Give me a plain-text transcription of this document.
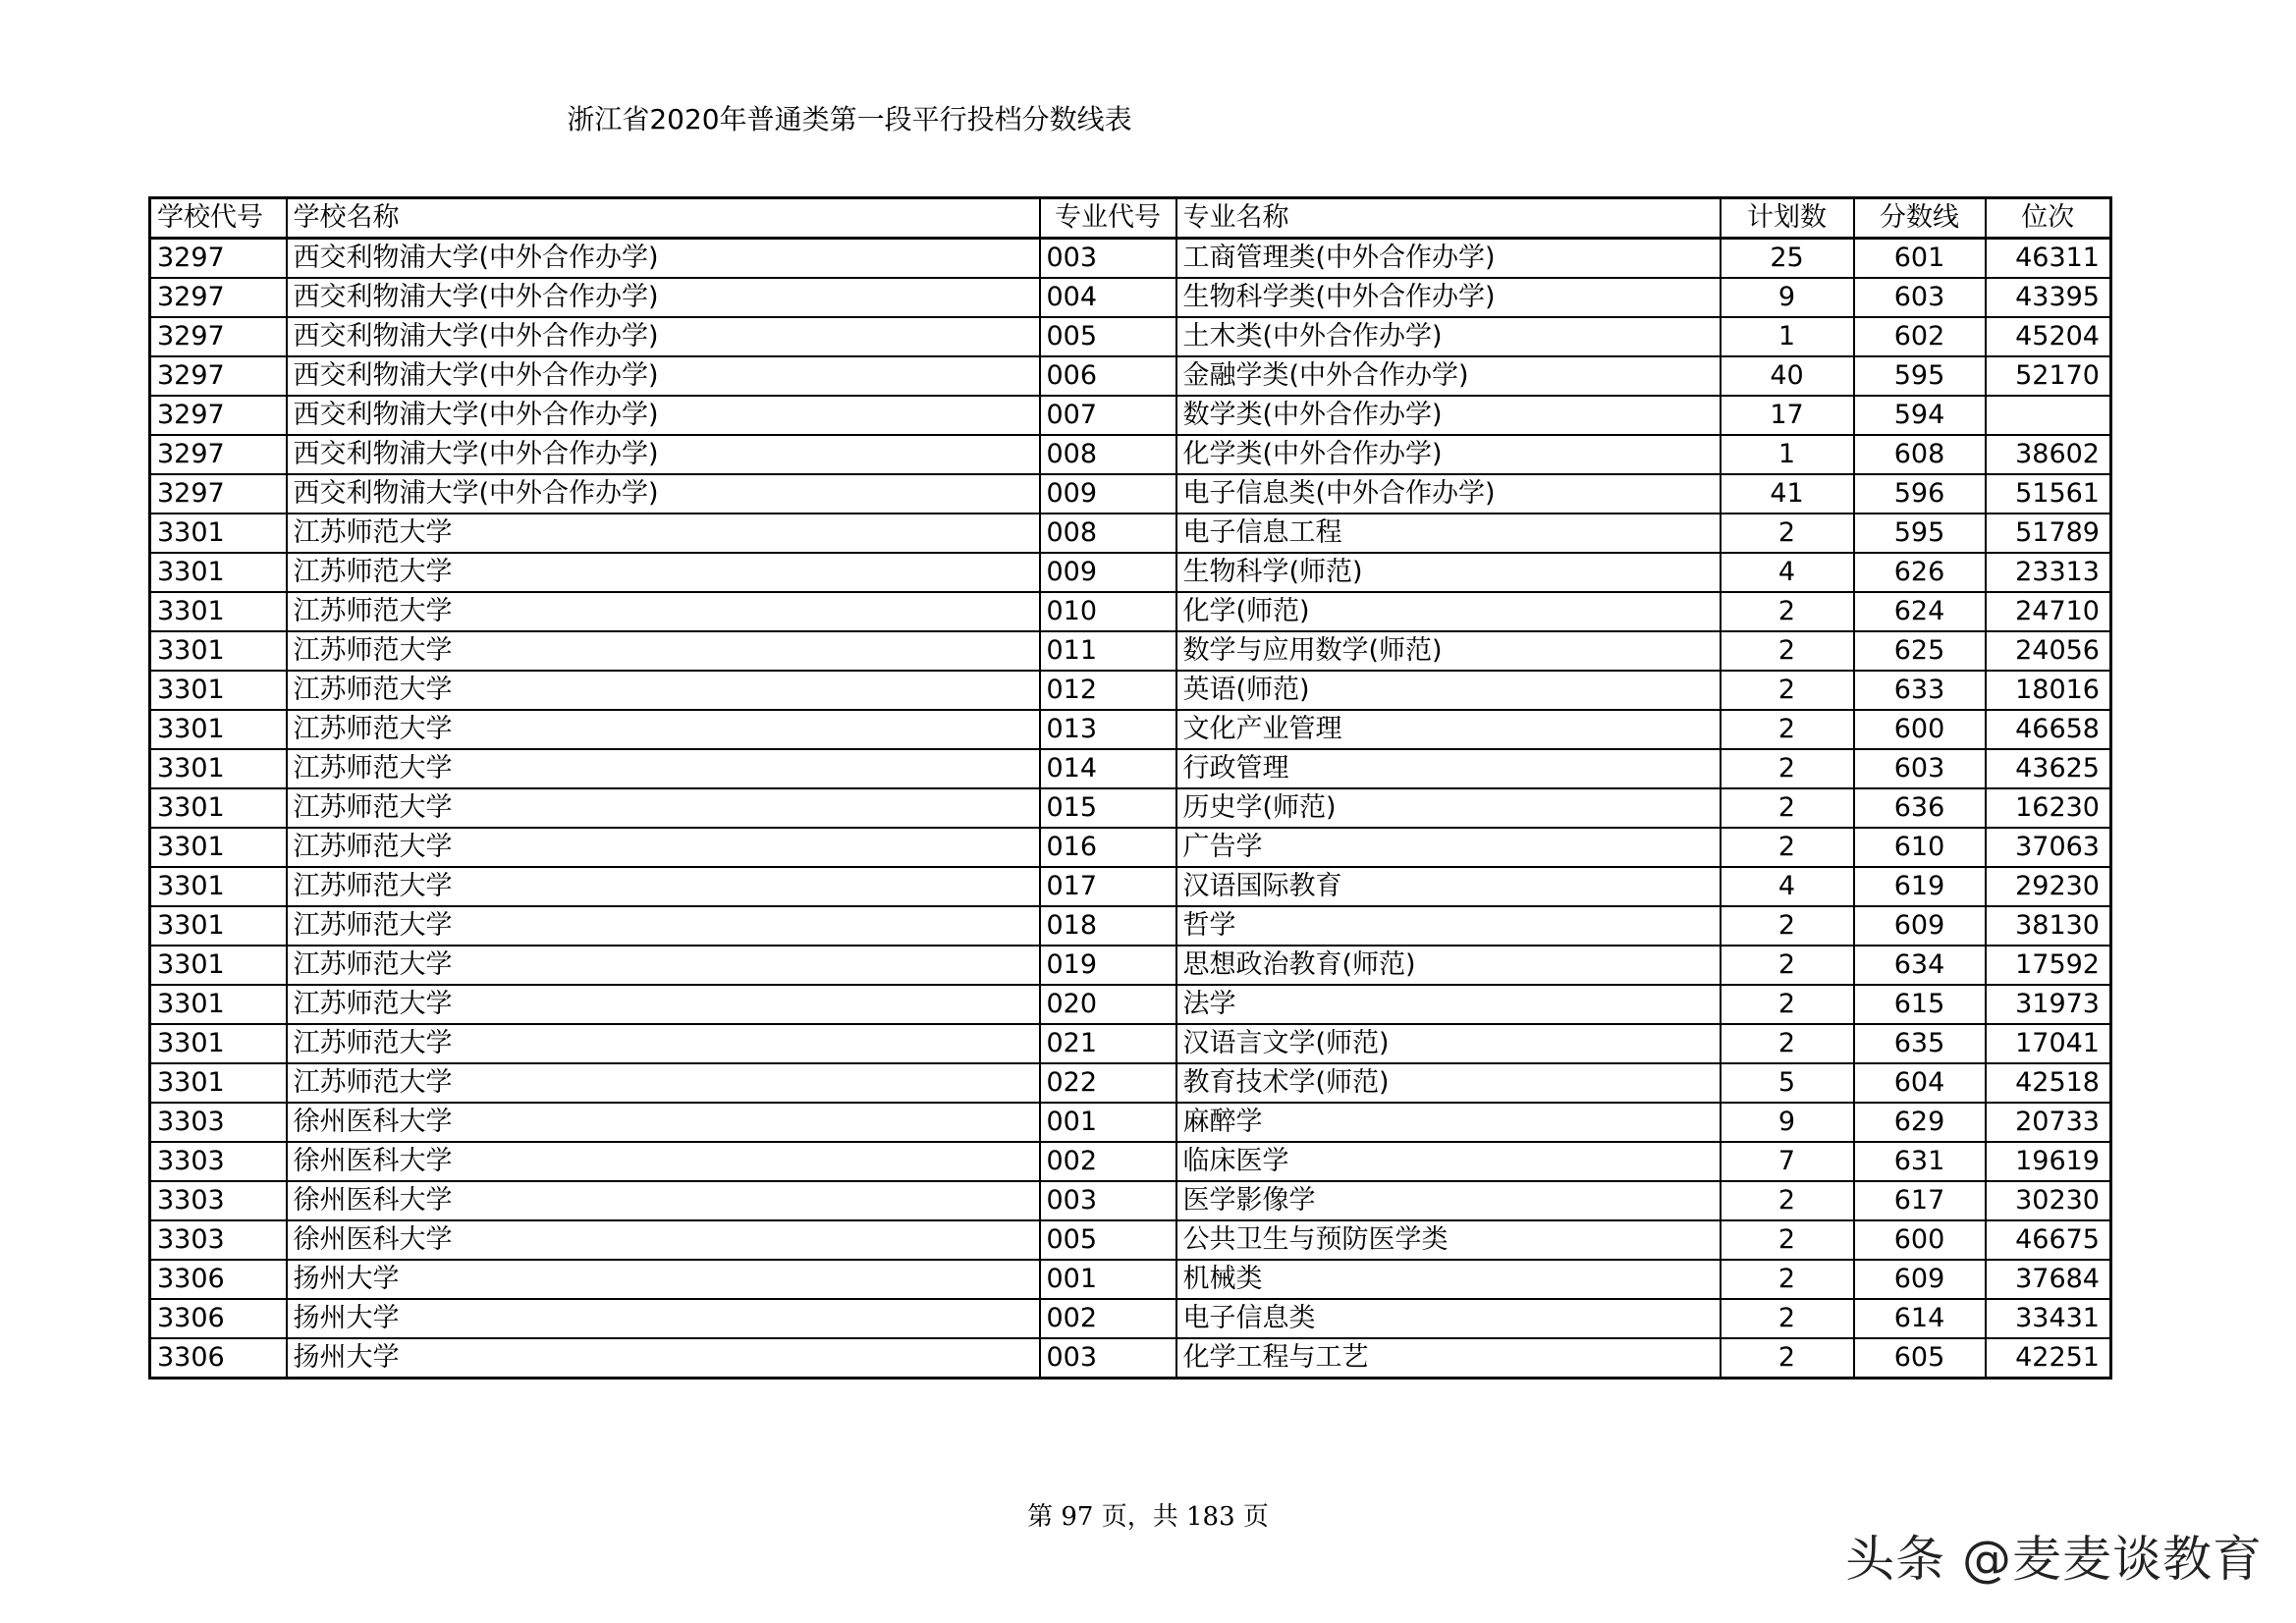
浙江省2020年普通类第一段平行投档分数线表
学校代号	学校名称	专业代号	专业名称	计划数	分数线	位次
3297	西交利物浦大学(中外合作办学)	003	工商管理类(中外合作办学)	25	601	46311
3297	西交利物浦大学(中外合作办学)	004	生物科学类(中外合作办学)	9	603	43395
3297	西交利物浦大学(中外合作办学)	005	土木类(中外合作办学)	1	602	45204
3297	西交利物浦大学(中外合作办学)	006	金融学类(中外合作办学)	40	595	52170
3297	西交利物浦大学(中外合作办学)	007	数学类(中外合作办学)	17	594	
3297	西交利物浦大学(中外合作办学)	008	化学类(中外合作办学)	1	608	38602
3297	西交利物浦大学(中外合作办学)	009	电子信息类(中外合作办学)	41	596	51561
3301	江苏师范大学	008	电子信息工程	2	595	51789
3301	江苏师范大学	009	生物科学(师范)	4	626	23313
3301	江苏师范大学	010	化学(师范)	2	624	24710
3301	江苏师范大学	011	数学与应用数学(师范)	2	625	24056
3301	江苏师范大学	012	英语(师范)	2	633	18016
3301	江苏师范大学	013	文化产业管理	2	600	46658
3301	江苏师范大学	014	行政管理	2	603	43625
3301	江苏师范大学	015	历史学(师范)	2	636	16230
3301	江苏师范大学	016	广告学	2	610	37063
3301	江苏师范大学	017	汉语国际教育	4	619	29230
3301	江苏师范大学	018	哲学	2	609	38130
3301	江苏师范大学	019	思想政治教育(师范)	2	634	17592
3301	江苏师范大学	020	法学	2	615	31973
3301	江苏师范大学	021	汉语言文学(师范)	2	635	17041
3301	江苏师范大学	022	教育技术学(师范)	5	604	42518
3303	徐州医科大学	001	麻醉学	9	629	20733
3303	徐州医科大学	002	临床医学	7	631	19619
3303	徐州医科大学	003	医学影像学	2	617	30230
3303	徐州医科大学	005	公共卫生与预防医学类	2	600	46675
3306	扬州大学	001	机械类	2	609	37684
3306	扬州大学	002	电子信息类	2	614	33431
3306	扬州大学	003	化学工程与工艺	2	605	42251
第 97 页，共 183 页
头条 @麦麦谈教育
